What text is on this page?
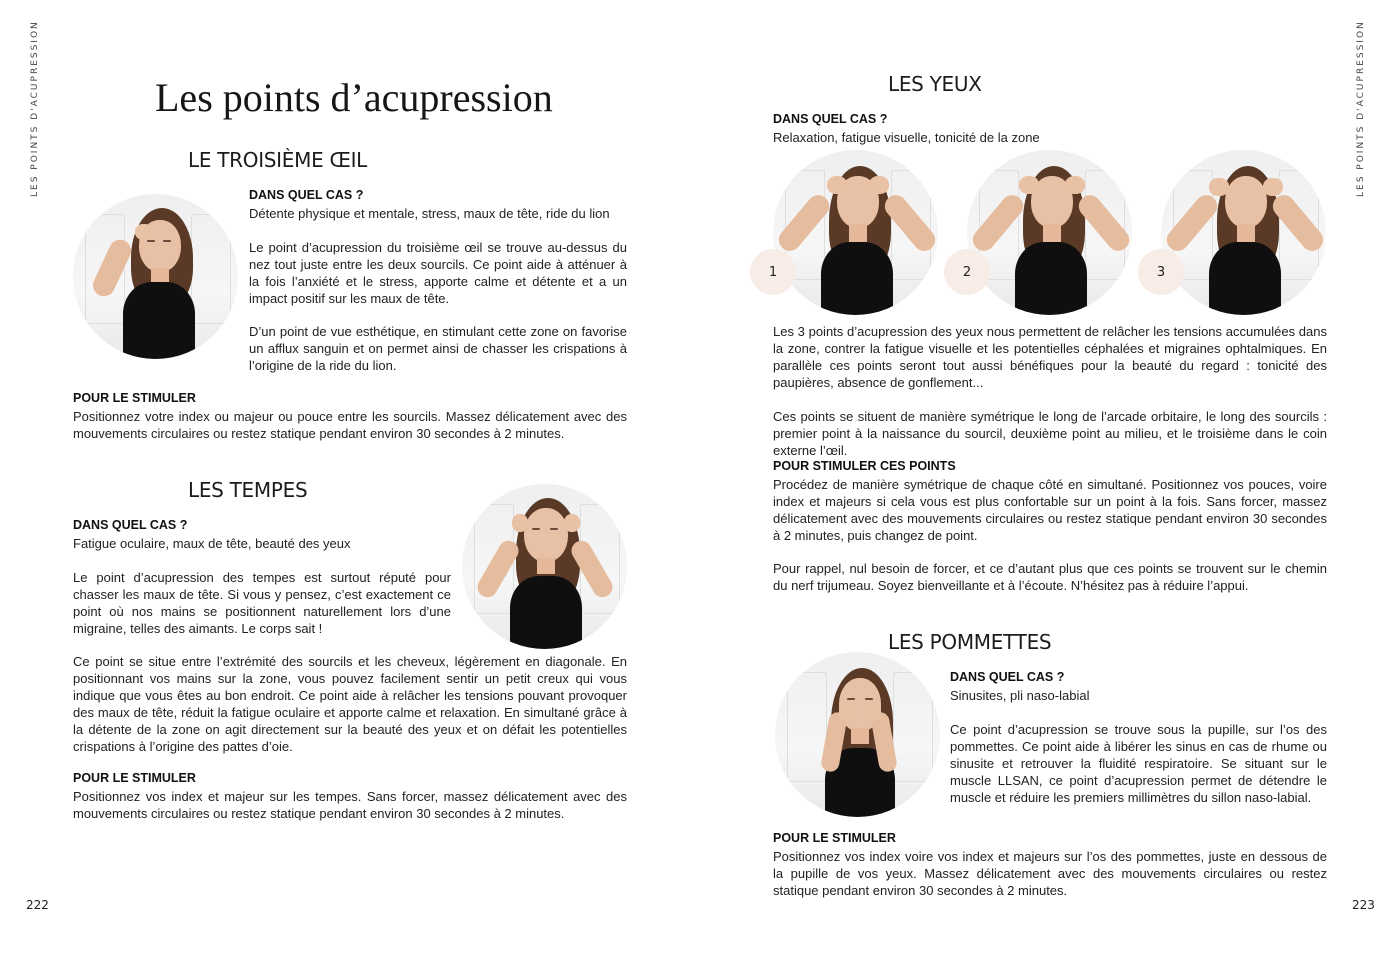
LES POINTS D'ACUPRESSION	LES POINTS D'ACUPRESSION
222	223
Les points d’acupression
LE TROISIÈME ŒIL
DANS QUEL CAS ?
Détente physique et mentale, stress, maux de tête, ride du lion
Le point d’acupression du troisième œil se trouve au-dessus du nez tout juste entre les deux sourcils. Ce point aide à atténuer à la fois l’anxiété et le stress, apporte calme et détente et a un impact positif sur les maux de tête.
D’un point de vue esthétique, en stimulant cette zone on favorise un afflux sanguin et on permet ainsi de chasser les crispations à l’origine de la ride du lion.
POUR LE STIMULER
Positionnez votre index ou majeur ou pouce entre les sourcils. Massez délicatement avec des mouvements circulaires ou restez statique pendant environ 30 secondes à 2 minutes.
LES TEMPES
DANS QUEL CAS ?
Fatigue oculaire, maux de tête, beauté des yeux
Le point d’acupression des tempes est surtout réputé pour chasser les maux de tête. Si vous y pensez, c’est exactement ce point où nos mains se positionnent naturellement lors d’une migraine, telles des aimants. Le corps sait !
Ce point se situe entre l’extrémité des sourcils et les cheveux, légèrement en diagonale. En positionnant vos mains sur la zone, vous pouvez facilement sentir un petit creux qui vous indique que vous êtes au bon endroit. Ce point aide à relâcher les tensions pouvant provoquer des maux de tête, réduit la fatigue oculaire et apporte calme et relaxation. En simultané grâce à la détente de la zone on agit directement sur la beauté des yeux et on défait les potentielles crispations à l’origine des pattes d’oie.
POUR LE STIMULER
Positionnez vos index et majeur sur les tempes. Sans forcer, massez délicatement avec des mouvements circulaires ou restez statique pendant environ 30 secondes à 2 minutes.
LES YEUX
DANS QUEL CAS ?
Relaxation, fatigue visuelle, tonicité de la zone
1	2	3
Les 3 points d’acupression des yeux nous permettent de relâcher les tensions accumulées dans la zone, contrer la fatigue visuelle et les potentielles céphalées et migraines ophtalmiques. En parallèle ces points seront tout aussi bénéfiques pour la beauté du regard : tonicité des paupières, absence de gonflement...
Ces points se situent de manière symétrique le long de l’arcade orbitaire, le long des sourcils : premier point à la naissance du sourcil, deuxième point au milieu, et le troisième dans le coin externe l’œil.
POUR STIMULER CES POINTS
Procédez de manière symétrique de chaque côté en simultané. Positionnez vos pouces, voire index et majeurs si cela vous est plus confortable sur un point à la fois. Sans forcer, massez délicatement avec des mouvements circulaires ou restez statique pendant environ 30 secondes à 2 minutes, puis changez de point.
Pour rappel, nul besoin de forcer, et ce d’autant plus que ces points se trouvent sur le chemin du nerf trijumeau. Soyez bienveillante et à l’écoute. N’hésitez pas à réduire l’appui.
LES POMMETTES
DANS QUEL CAS ?
Sinusites, pli naso-labial
Ce point d’acupression se trouve sous la pupille, sur l’os des pommettes. Ce point aide à libérer les sinus en cas de rhume ou sinusite et retrouver la fluidité respiratoire. Se situant sur le muscle LLSAN, ce point d’acupression permet de détendre le muscle et réduire les premiers millimètres du sillon naso-labial.
POUR LE STIMULER
Positionnez vos index voire vos index et majeurs sur l’os des pommettes, juste en dessous de la pupille de vos yeux. Massez délicatement avec des mouvements circulaires ou restez statique pendant environ 30 secondes à 2 minutes.
